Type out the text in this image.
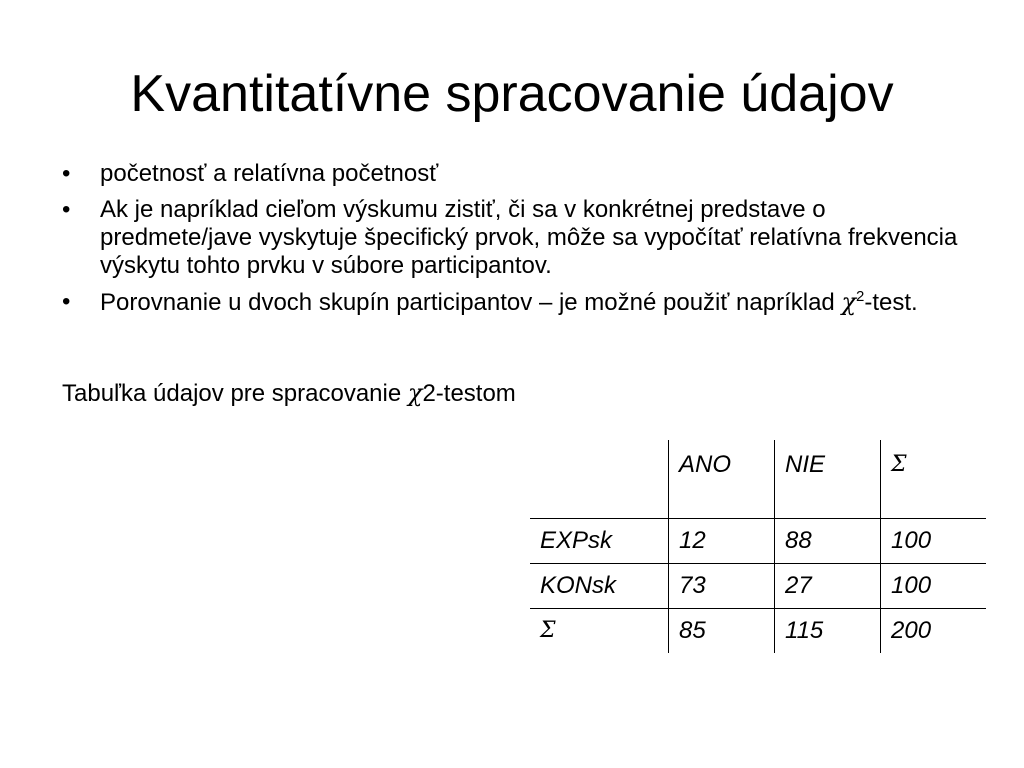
Kvantitatívne spracovanie údajov
• početnosť a relatívna početnosť
• Ak je napríklad cieľom výskumu zistiť, či sa v konkrétnej predstave o predmete/jave vyskytuje špecifický prvok, môže sa vypočítať relatívna frekvencia výskytu tohto prvku v súbore participantov.
• Porovnanie u dvoch skupín participantov – je možné použiť napríklad $\chi^2$-test.
Tabuľka údajov pre spracovanie χ2-testom
	ANO	NIE	Σ
EXPsk	12	88	100
KONsk	73	27	100
Σ	85	115	200
